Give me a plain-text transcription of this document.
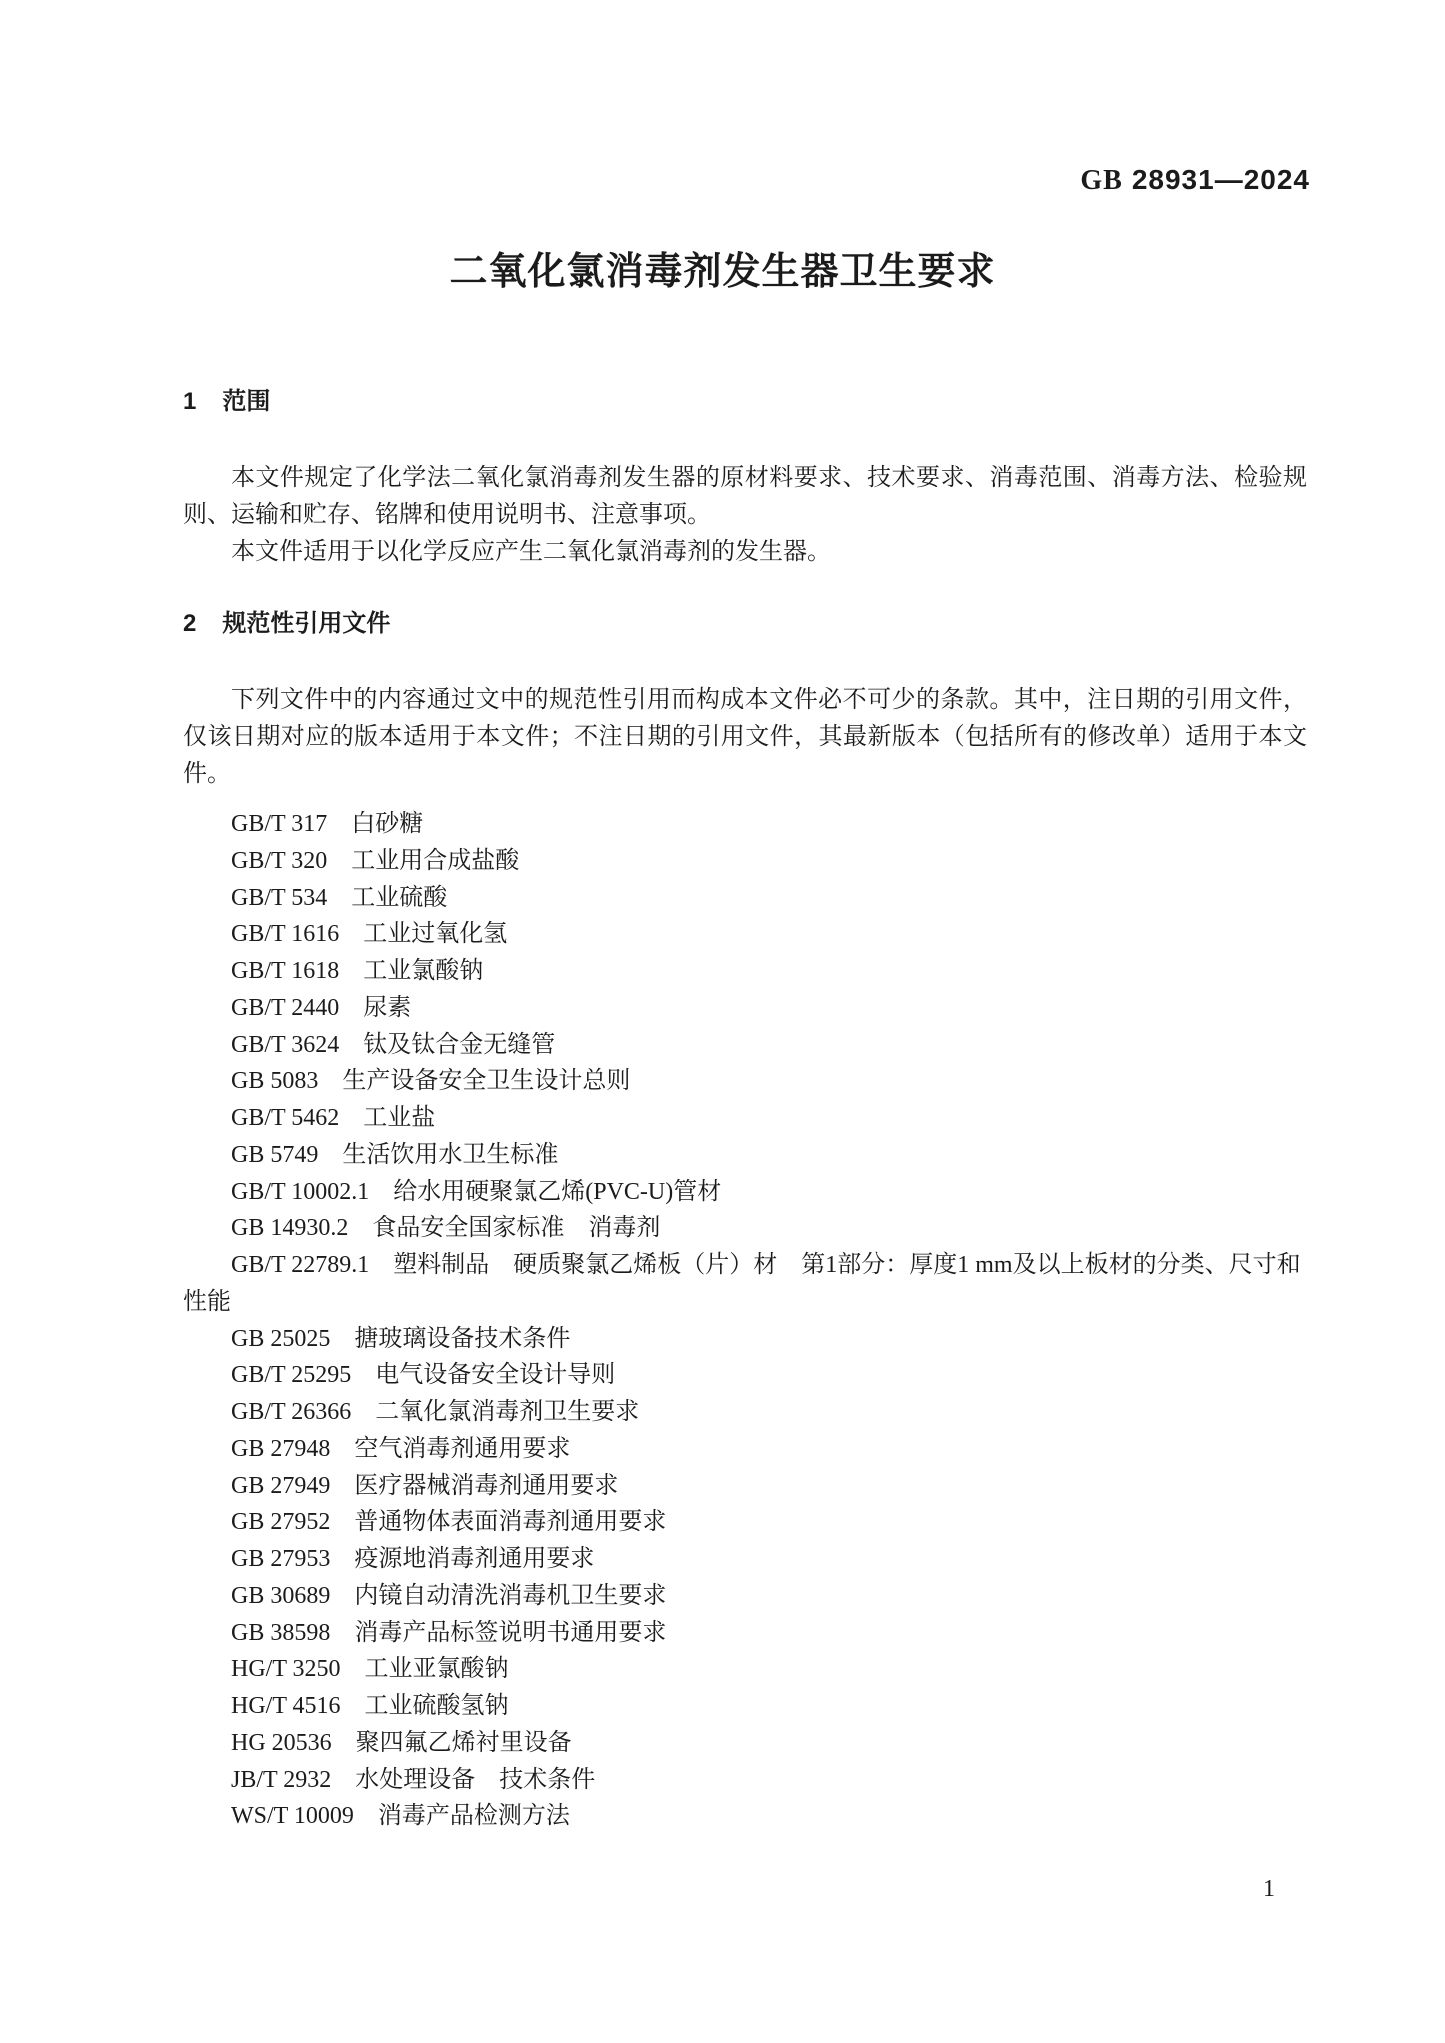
GB 28931—2024
二氧化氯消毒剂发生器卫生要求
1 范围

本文件规定了化学法二氧化氯消毒剂发生器的原材料要求、技术要求、消毒范围、消毒方法、检验规则、运输和贮存、铭牌和使用说明书、注意事项。

本文件适用于以化学反应产生二氧化氯消毒剂的发生器。

2 规范性引用文件

下列文件中的内容通过文中的规范性引用而构成本文件必不可少的条款。其中，注日期的引用文件，仅该日期对应的版本适用于本文件；不注日期的引用文件，其最新版本（包括所有的修改单）适用于本文件。

GB/T 317　白砂糖

GB/T 320　工业用合成盐酸

GB/T 534　工业硫酸

GB/T 1616　工业过氧化氢

GB/T 1618　工业氯酸钠

GB/T 2440　尿素

GB/T 3624　钛及钛合金无缝管

GB 5083　生产设备安全卫生设计总则

GB/T 5462　工业盐

GB 5749　生活饮用水卫生标准

GB/T 10002.1　给水用硬聚氯乙烯(PVC-U)管材

GB 14930.2　食品安全国家标准　消毒剂

GB/T 22789.1　塑料制品　硬质聚氯乙烯板（片）材　第1部分：厚度1 mm及以上板材的分类、尺寸和性能

GB 25025　搪玻璃设备技术条件

GB/T 25295　电气设备安全设计导则

GB/T 26366　二氧化氯消毒剂卫生要求

GB 27948　空气消毒剂通用要求

GB 27949　医疗器械消毒剂通用要求

GB 27952　普通物体表面消毒剂通用要求

GB 27953　疫源地消毒剂通用要求

GB 30689　内镜自动清洗消毒机卫生要求

GB 38598　消毒产品标签说明书通用要求

HG/T 3250　工业亚氯酸钠

HG/T 4516　工业硫酸氢钠

HG 20536　聚四氟乙烯衬里设备

JB/T 2932　水处理设备　技术条件

WS/T 10009　消毒产品检测方法

1
